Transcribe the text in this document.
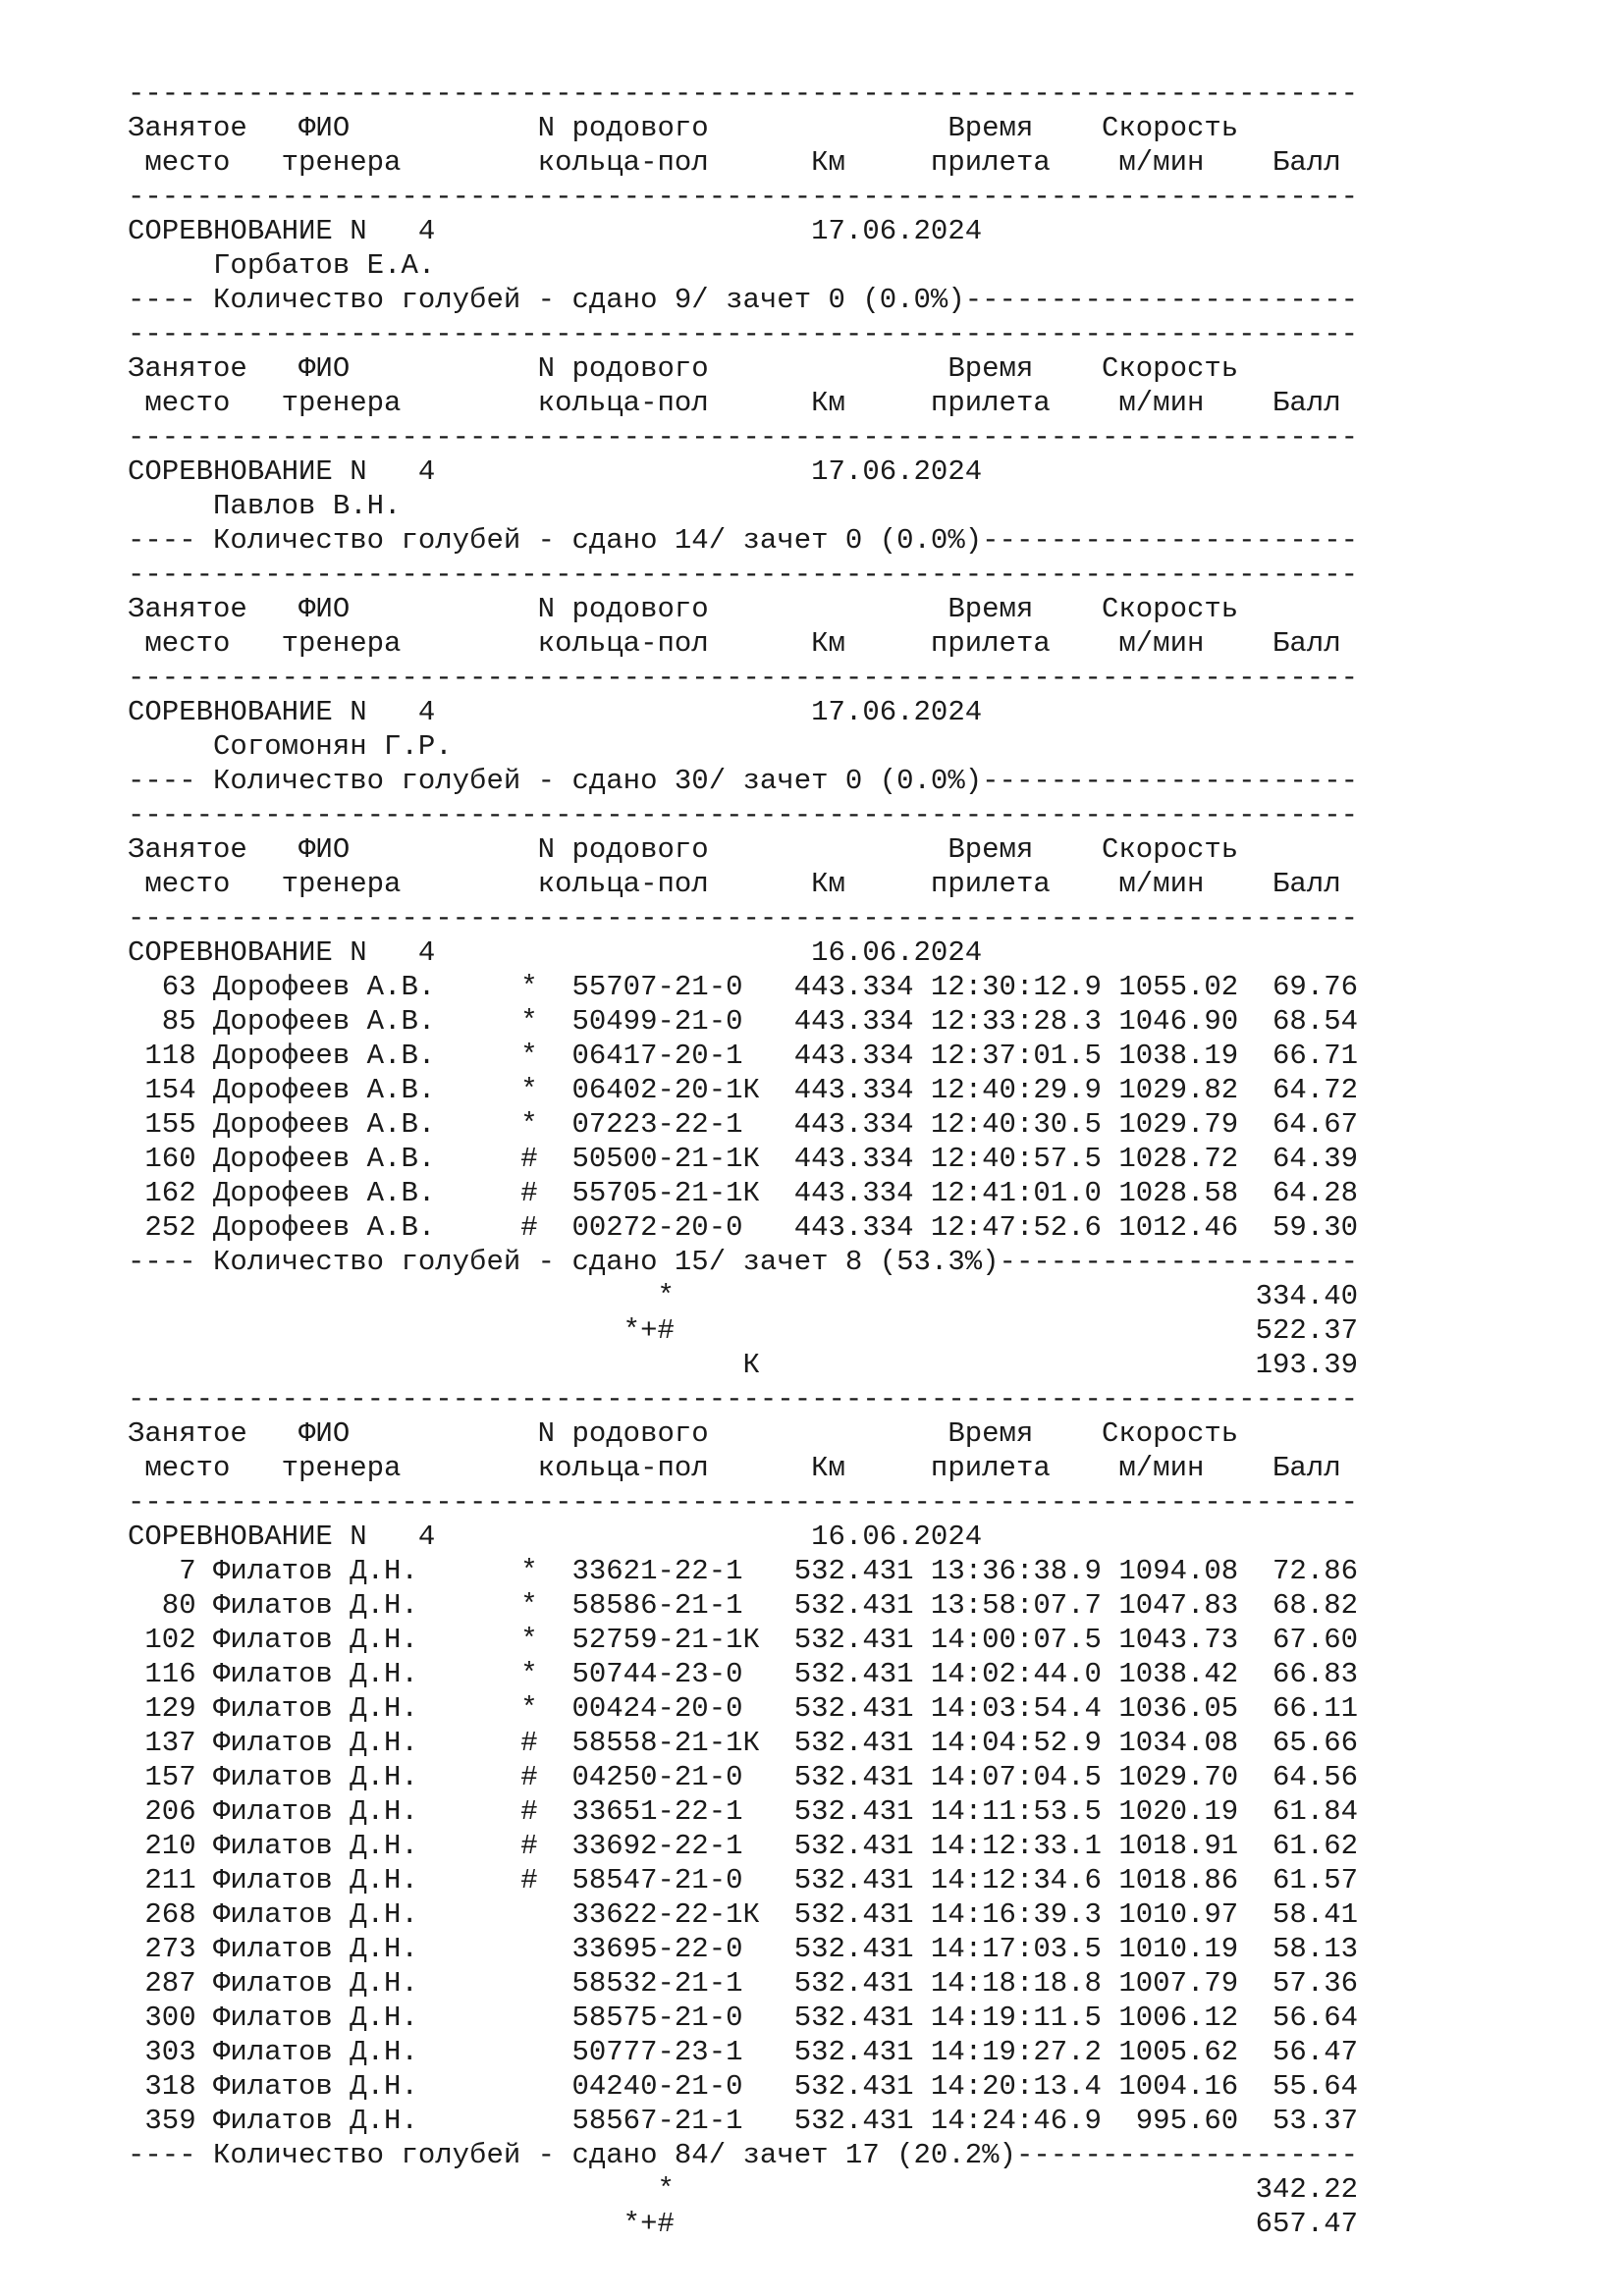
------------------------------------------------------------------------
Занятое   ФИО           N родового              Время    Скорость
место   тренера        кольца-пол      Км     прилета    м/мин    Балл
------------------------------------------------------------------------
СОРЕВНОВАНИЕ N   4                      17.06.2024
Горбатов Е.А.
---- Количество голубей - сдано 9/ зачет 0 (0.0%)-----------------------
------------------------------------------------------------------------
Занятое   ФИО           N родового              Время    Скорость
место   тренера        кольца-пол      Км     прилета    м/мин    Балл
------------------------------------------------------------------------
СОРЕВНОВАНИЕ N   4                      17.06.2024
Павлов В.Н.
---- Количество голубей - сдано 14/ зачет 0 (0.0%)----------------------
------------------------------------------------------------------------
Занятое   ФИО           N родового              Время    Скорость
место   тренера        кольца-пол      Км     прилета    м/мин    Балл
------------------------------------------------------------------------
СОРЕВНОВАНИЕ N   4                      17.06.2024
Согомонян Г.Р.
---- Количество голубей - сдано 30/ зачет 0 (0.0%)----------------------
------------------------------------------------------------------------
Занятое   ФИО           N родового              Время    Скорость
место   тренера        кольца-пол      Км     прилета    м/мин    Балл
------------------------------------------------------------------------
СОРЕВНОВАНИЕ N   4                      16.06.2024
63 Дорофеев А.В.     *  55707-21-0   443.334 12:30:12.9 1055.02  69.76
85 Дорофеев А.В.     *  50499-21-0   443.334 12:33:28.3 1046.90  68.54
118 Дорофеев А.В.     *  06417-20-1   443.334 12:37:01.5 1038.19  66.71
154 Дорофеев А.В.     *  06402-20-1К  443.334 12:40:29.9 1029.82  64.72
155 Дорофеев А.В.     *  07223-22-1   443.334 12:40:30.5 1029.79  64.67
160 Дорофеев А.В.     #  50500-21-1К  443.334 12:40:57.5 1028.72  64.39
162 Дорофеев А.В.     #  55705-21-1К  443.334 12:41:01.0 1028.58  64.28
252 Дорофеев А.В.     #  00272-20-0   443.334 12:47:52.6 1012.46  59.30
---- Количество голубей - сдано 15/ зачет 8 (53.3%)---------------------
*                                  334.40
*+#                                  522.37
К                             193.39
------------------------------------------------------------------------
Занятое   ФИО           N родового              Время    Скорость
место   тренера        кольца-пол      Км     прилета    м/мин    Балл
------------------------------------------------------------------------
СОРЕВНОВАНИЕ N   4                      16.06.2024
7 Филатов Д.Н.      *  33621-22-1   532.431 13:36:38.9 1094.08  72.86
80 Филатов Д.Н.      *  58586-21-1   532.431 13:58:07.7 1047.83  68.82
102 Филатов Д.Н.      *  52759-21-1К  532.431 14:00:07.5 1043.73  67.60
116 Филатов Д.Н.      *  50744-23-0   532.431 14:02:44.0 1038.42  66.83
129 Филатов Д.Н.      *  00424-20-0   532.431 14:03:54.4 1036.05  66.11
137 Филатов Д.Н.      #  58558-21-1К  532.431 14:04:52.9 1034.08  65.66
157 Филатов Д.Н.      #  04250-21-0   532.431 14:07:04.5 1029.70  64.56
206 Филатов Д.Н.      #  33651-22-1   532.431 14:11:53.5 1020.19  61.84
210 Филатов Д.Н.      #  33692-22-1   532.431 14:12:33.1 1018.91  61.62
211 Филатов Д.Н.      #  58547-21-0   532.431 14:12:34.6 1018.86  61.57
268 Филатов Д.Н.         33622-22-1К  532.431 14:16:39.3 1010.97  58.41
273 Филатов Д.Н.         33695-22-0   532.431 14:17:03.5 1010.19  58.13
287 Филатов Д.Н.         58532-21-1   532.431 14:18:18.8 1007.79  57.36
300 Филатов Д.Н.         58575-21-0   532.431 14:19:11.5 1006.12  56.64
303 Филатов Д.Н.         50777-23-1   532.431 14:19:27.2 1005.62  56.47
318 Филатов Д.Н.         04240-21-0   532.431 14:20:13.4 1004.16  55.64
359 Филатов Д.Н.         58567-21-1   532.431 14:24:46.9  995.60  53.37
---- Количество голубей - сдано 84/ зачет 17 (20.2%)--------------------
*                                  342.22
*+#                                  657.47
